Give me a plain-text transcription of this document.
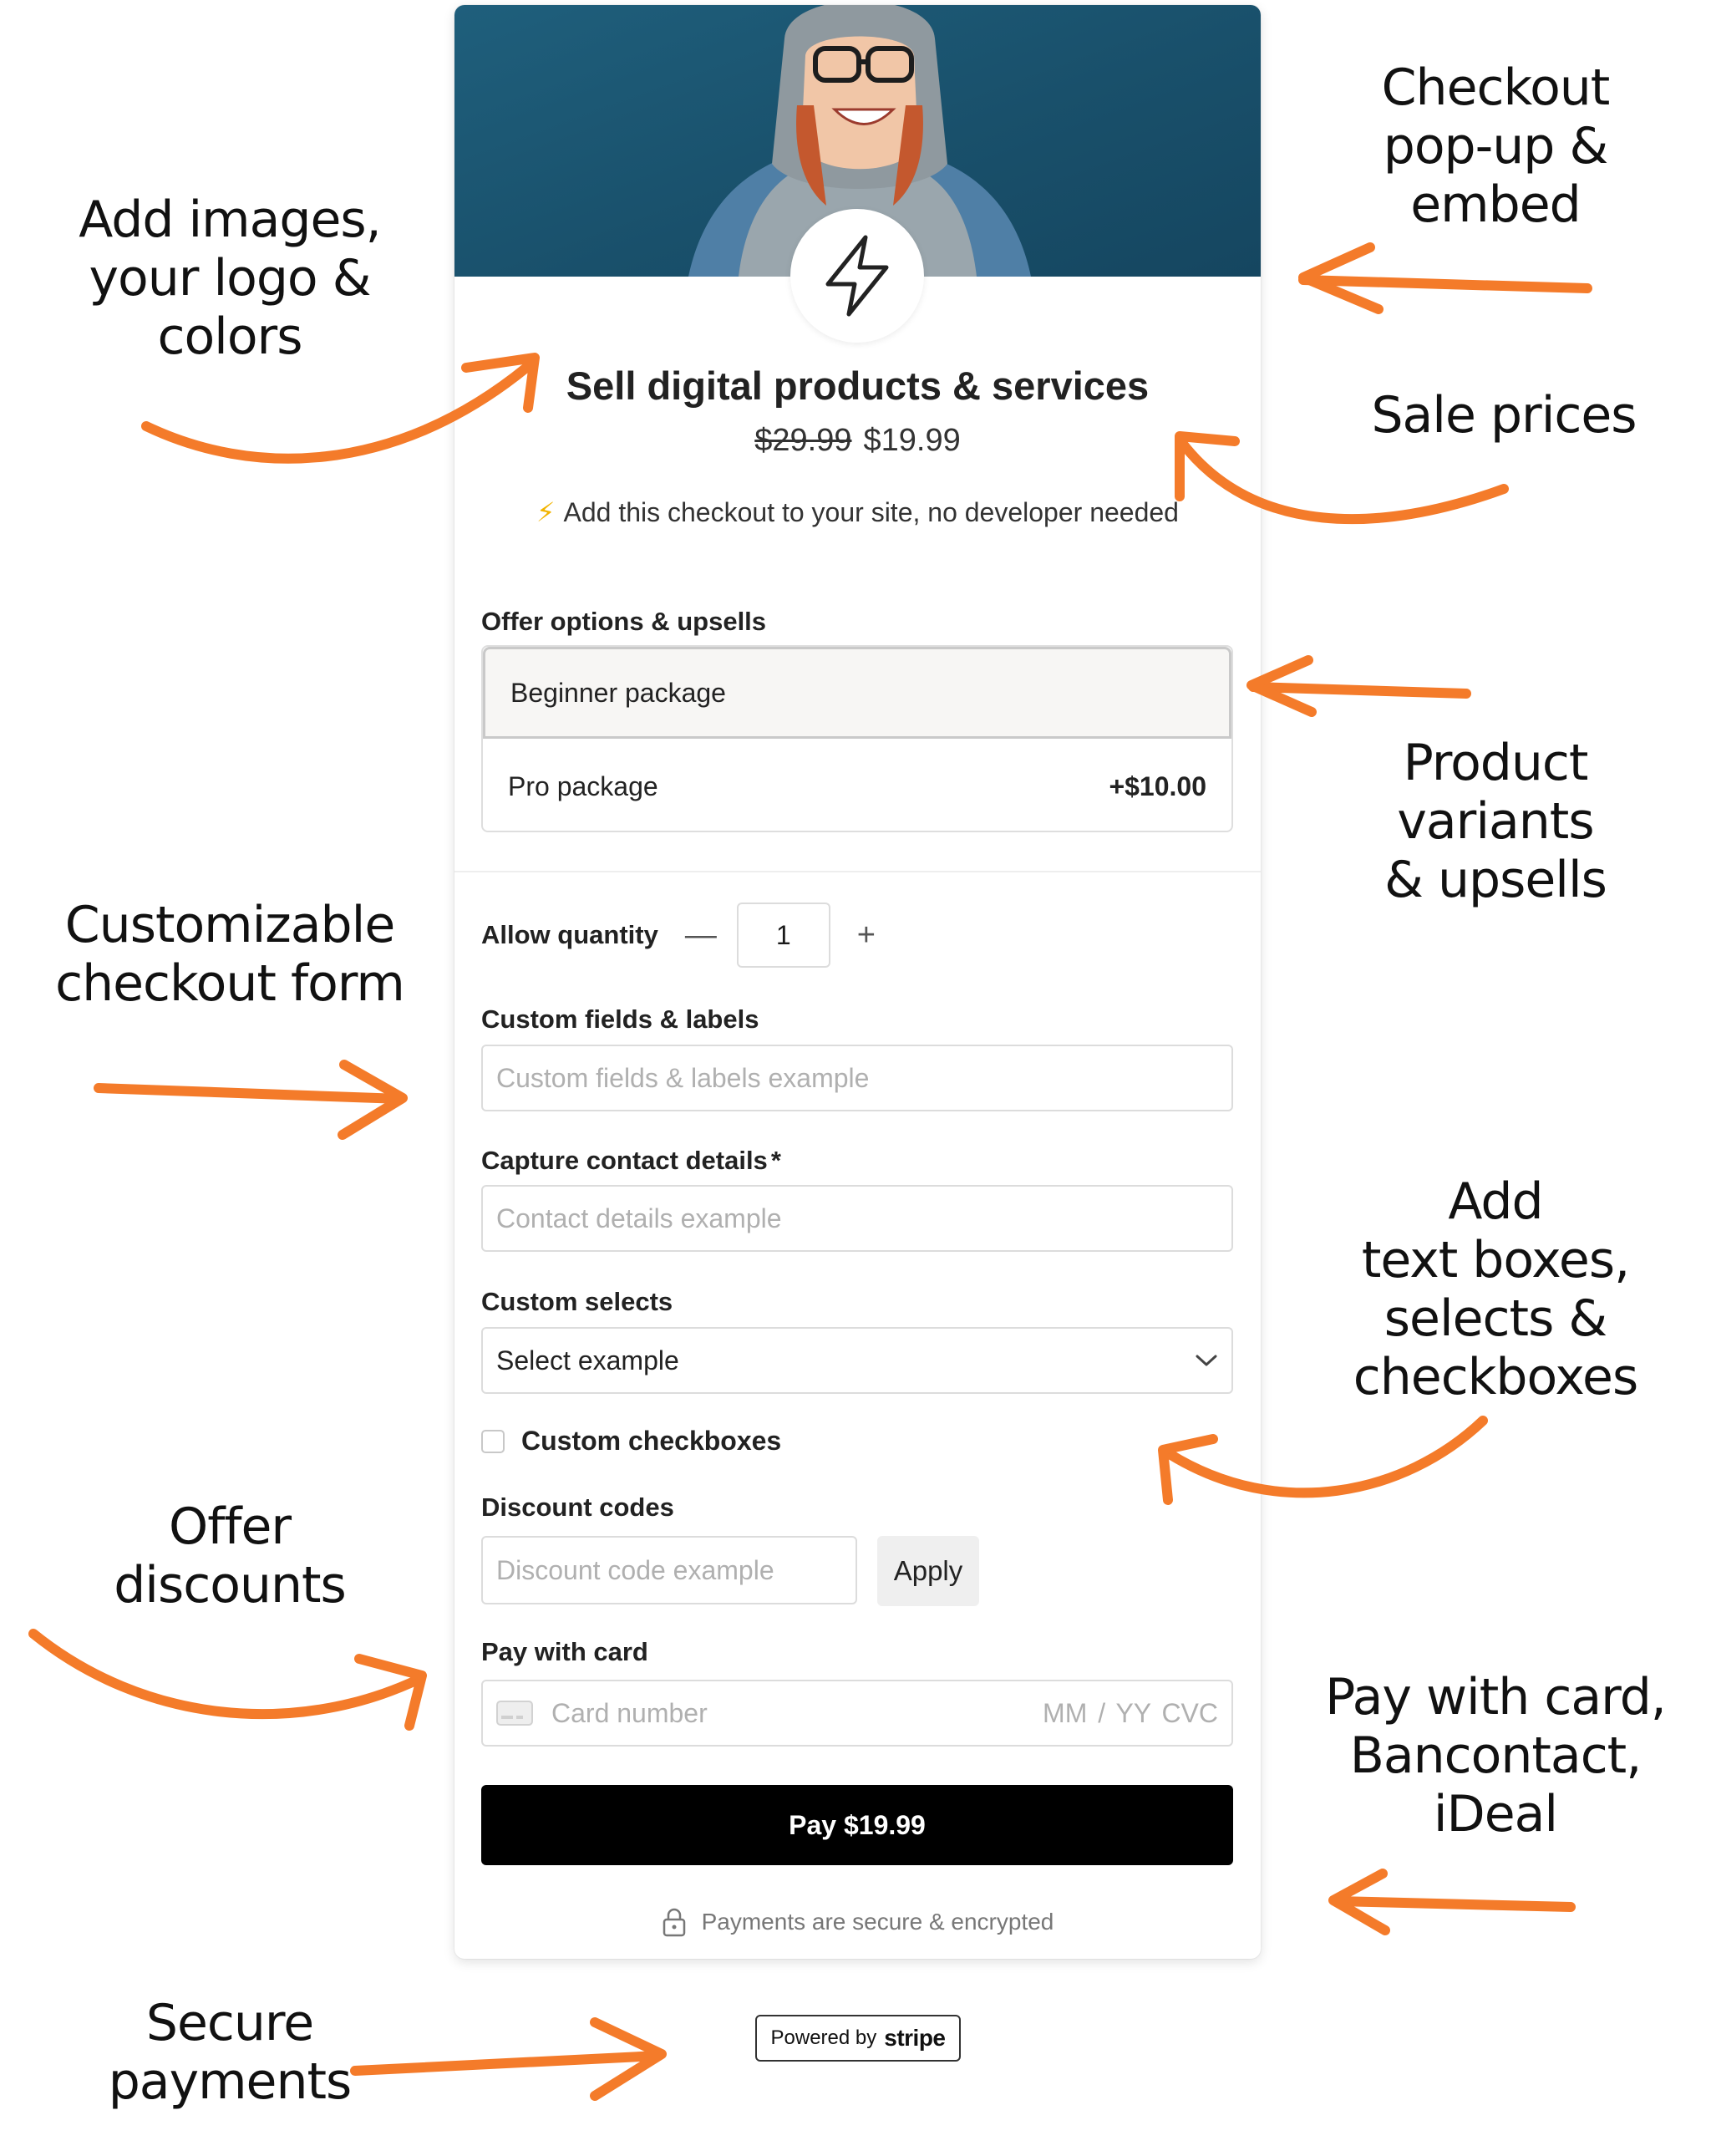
Add images,
your logo &
colors
Checkout
pop-up &
embed
Sale prices
Product
variants
& upsells
Customizable
checkout form
Add
text boxes,
selects &
checkboxes
Offer
discounts
Pay with card,
Bancontact,
iDeal
Secure
payments
Sell digital products & services
$29.99 $19.99
⚡ Add this checkout to your site, no developer needed
Offer options & upsells
Beginner package
Pro package	+$10.00
Allow quantity —	1	+
Custom fields & labels
Custom fields & labels example
Capture contact details *
Contact details example
Custom selects
Select example
Custom checkboxes
Discount codes
Discount code example	Apply
Pay with card
Card number	MM / YY CVC
Pay $19.99
Payments are secure & encrypted
Powered by stripe
